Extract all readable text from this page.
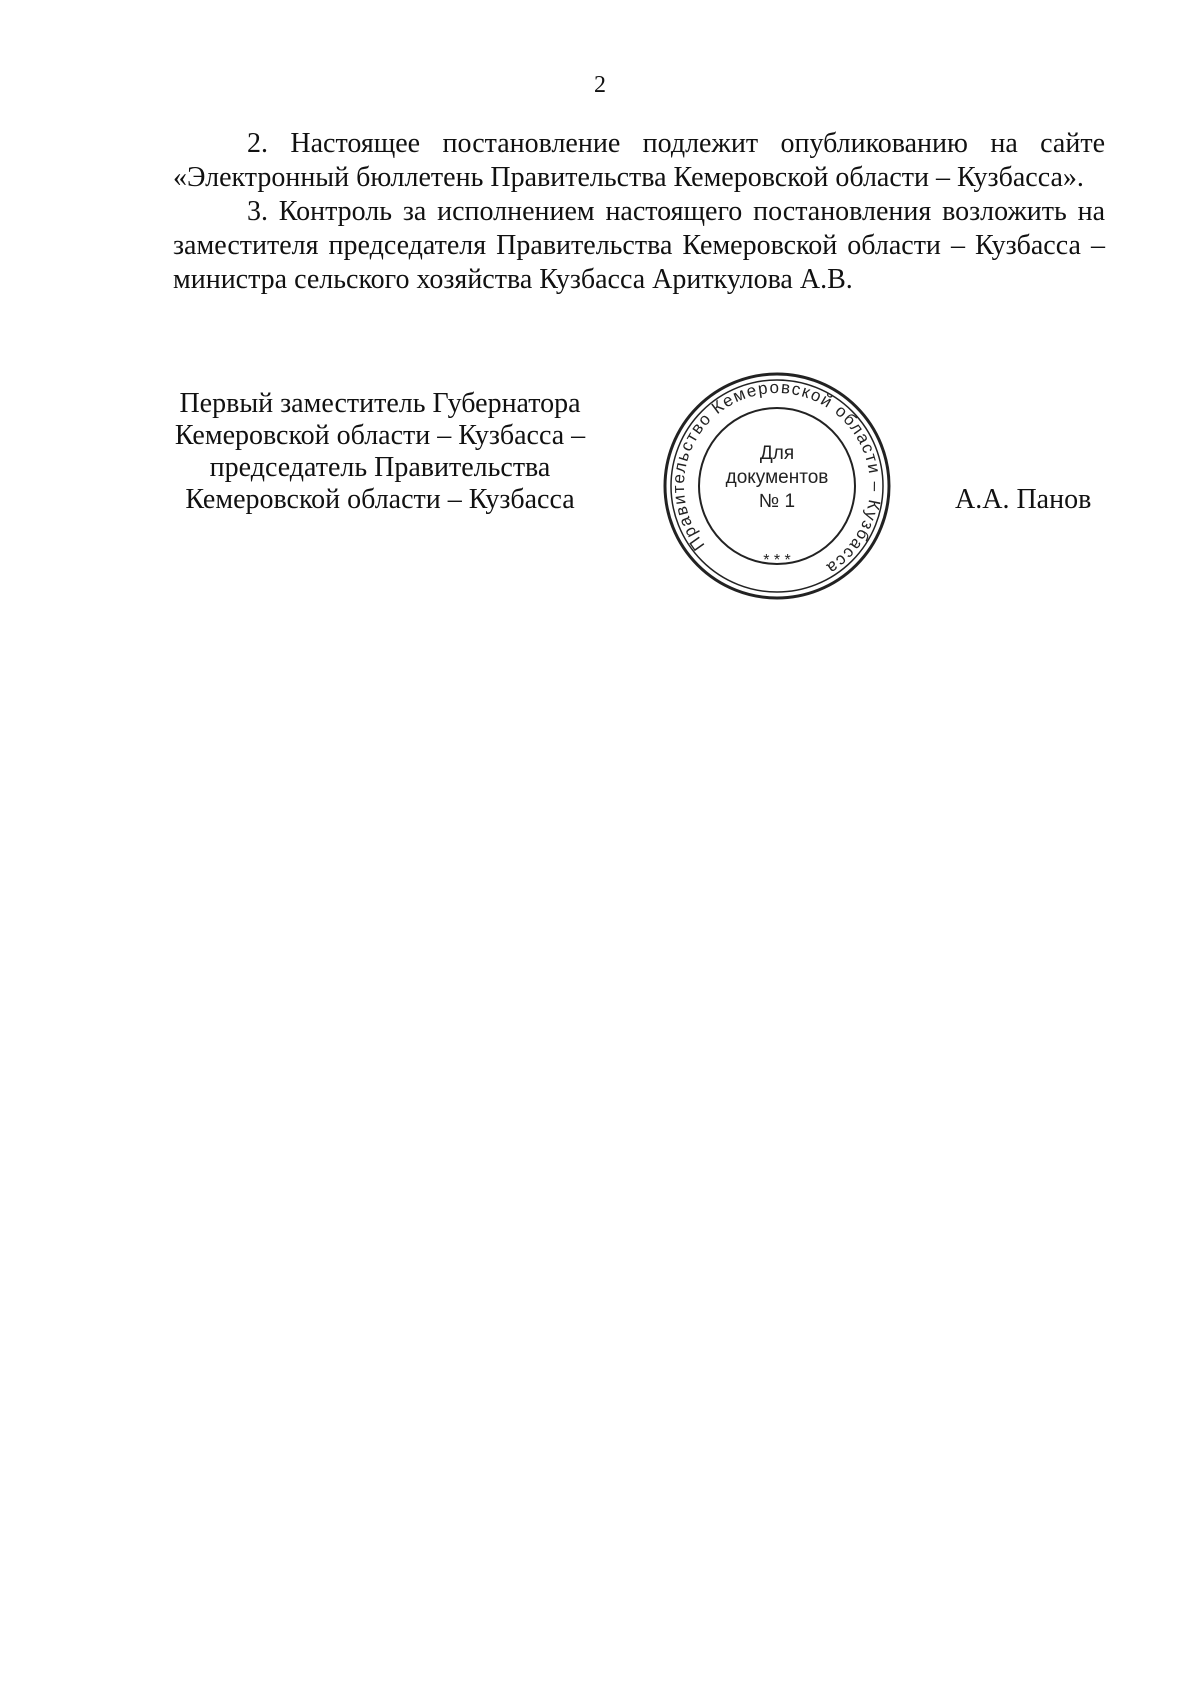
2

2. Настоящее постановление подлежит опубликованию на сайте «Электронный бюллетень Правительства Кемеровской области – Кузбасса».

3. Контроль за исполнением настоящего постановления возложить на заместителя председателя Правительства Кемеровской области – Кузбасса – министра сельского хозяйства Кузбасса Ариткулова А.В.

Первый заместитель Губернатора
Кемеровской области – Кузбасса –
председатель Правительства
Кемеровской области – Кузбасса
Правительство Кемеровской области – Кузбасса
* * *
Для
документов
№ 1	А.А. Панов
